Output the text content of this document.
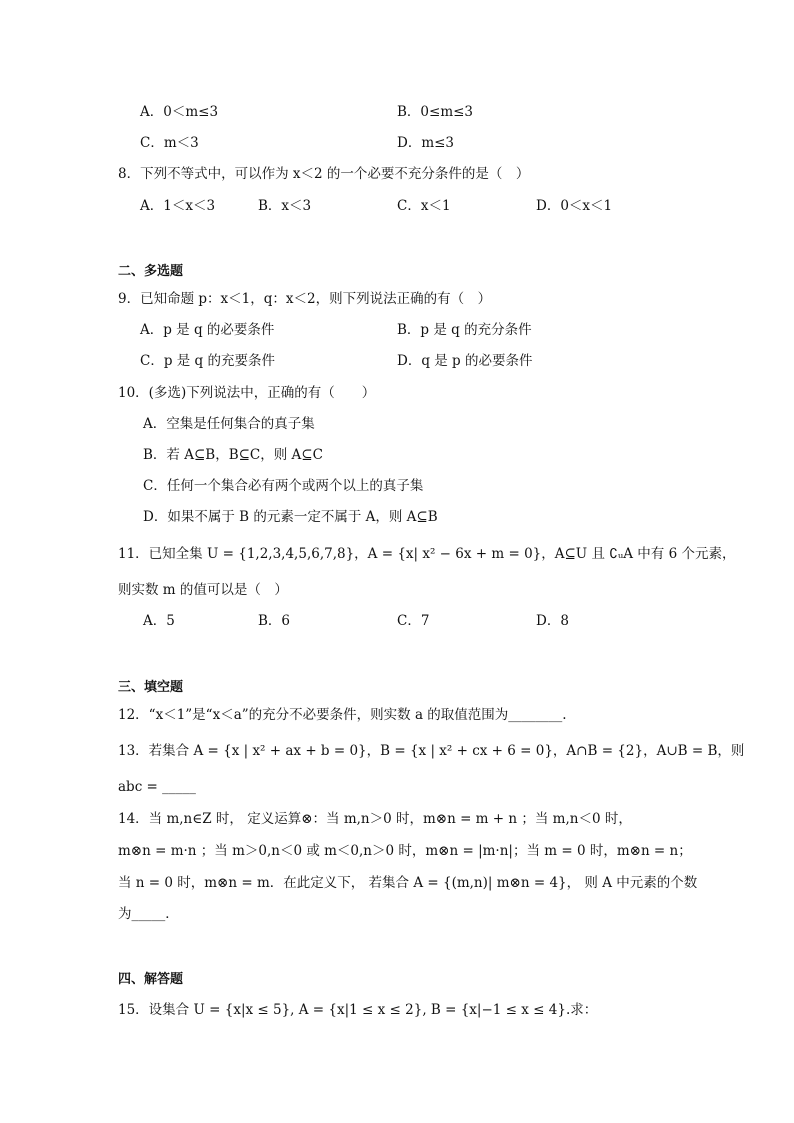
A．0＜m≤3	B．0≤m≤3
C．m＜3	D．m≤3
8．下列不等式中，可以作为 x＜2 的一个必要不充分条件的是（　）
A．1＜x＜3	B．x＜3	C．x＜1	D．0＜x＜1
二、多选题
9．已知命题 p：x＜1，q：x＜2，则下列说法正确的有（　）
A．p 是 q 的必要条件	B．p 是 q 的充分条件
C．p 是 q 的充要条件	D．q 是 p 的必要条件
10．(多选)下列说法中，正确的有（　　）
A．空集是任何集合的真子集
B．若 A⊆B，B⊆C，则 A⊆C
C．任何一个集合必有两个或两个以上的真子集
D．如果不属于 B 的元素一定不属于 A，则 A⊆B
11．已知全集 U = {1,2,3,4,5,6,7,8}，A = {x| x² − 6x + m = 0}，A⊆U 且 ∁ᵤA 中有 6 个元素，
则实数 m 的值可以是（　）
A．5	B．6	C．7	D．8
三、填空题
12．“x＜1”是“x＜a”的充分不必要条件，则实数 a 的取值范围为________.
13．若集合 A = {x | x² + ax + b = 0}，B = {x | x² + cx + 6 = 0}，A∩B = {2}，A∪B = B，则
abc = _____
14．当 m,n∈Z 时， 定义运算⊗：当 m,n＞0 时，m⊗n = m + n ；当 m,n＜0 时，
m⊗n = m·n ；当 m＞0,n＜0 或 m＜0,n＞0 时，m⊗n = |m·n|；当 m = 0 时，m⊗n = n；
当 n = 0 时，m⊗n = m．在此定义下， 若集合 A = {(m,n)| m⊗n = 4}， 则 A 中元素的个数
为_____．
四、解答题
15．设集合 U = {x|x ≤ 5}, A = {x|1 ≤ x ≤ 2}, B = {x|−1 ≤ x ≤ 4}.求：
